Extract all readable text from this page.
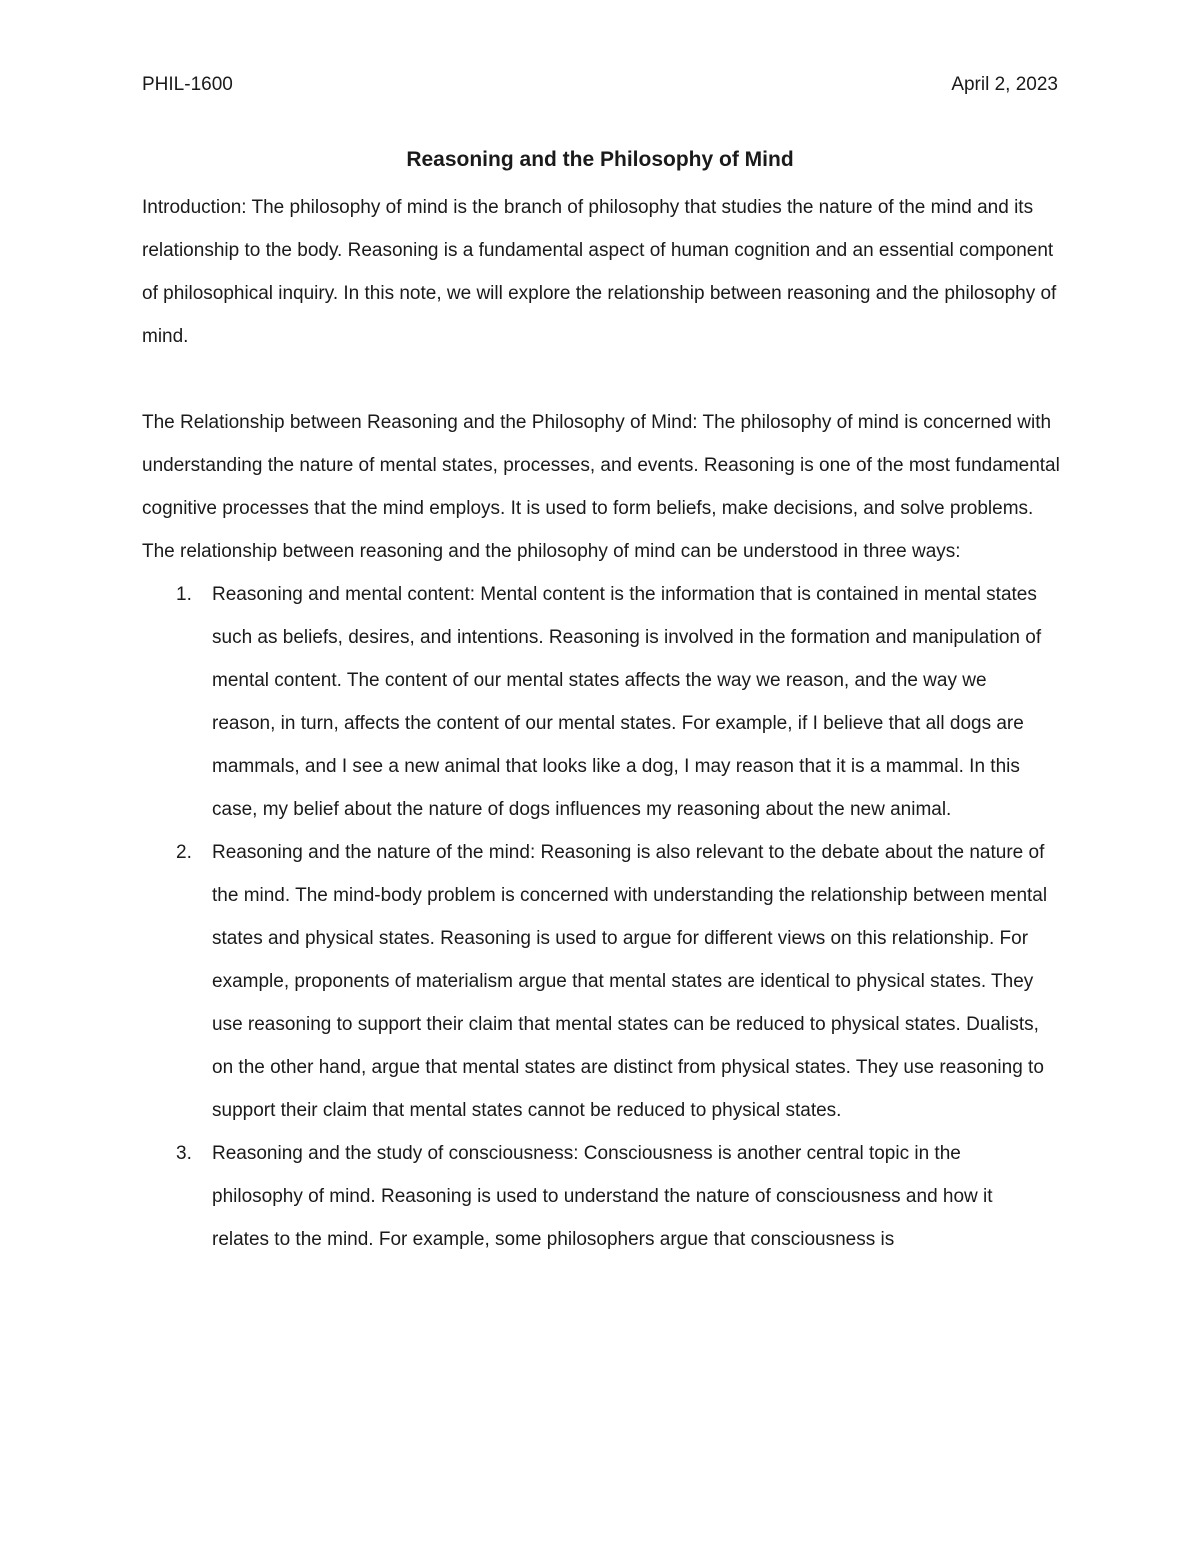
PHIL-1600	April 2, 2023
Reasoning and the Philosophy of Mind

Introduction: The philosophy of mind is the branch of philosophy that studies the nature of the mind and its relationship to the body. Reasoning is a fundamental aspect of human cognition and an essential component of philosophical inquiry. In this note, we will explore the relationship between reasoning and the philosophy of mind.

The Relationship between Reasoning and the Philosophy of Mind: The philosophy of mind is concerned with understanding the nature of mental states, processes, and events. Reasoning is one of the most fundamental cognitive processes that the mind employs. It is used to form beliefs, make decisions, and solve problems. The relationship between reasoning and the philosophy of mind can be understood in three ways:

1. Reasoning and mental content: Mental content is the information that is contained in mental states such as beliefs, desires, and intentions. Reasoning is involved in the formation and manipulation of mental content. The content of our mental states affects the way we reason, and the way we reason, in turn, affects the content of our mental states. For example, if I believe that all dogs are mammals, and I see a new animal that looks like a dog, I may reason that it is a mammal. In this case, my belief about the nature of dogs influences my reasoning about the new animal.
2. Reasoning and the nature of the mind: Reasoning is also relevant to the debate about the nature of the mind. The mind-body problem is concerned with understanding the relationship between mental states and physical states. Reasoning is used to argue for different views on this relationship. For example, proponents of materialism argue that mental states are identical to physical states. They use reasoning to support their claim that mental states can be reduced to physical states. Dualists, on the other hand, argue that mental states are distinct from physical states. They use reasoning to support their claim that mental states cannot be reduced to physical states.
3. Reasoning and the study of consciousness: Consciousness is another central topic in the philosophy of mind. Reasoning is used to understand the nature of consciousness and how it relates to the mind. For example, some philosophers argue that consciousness is
